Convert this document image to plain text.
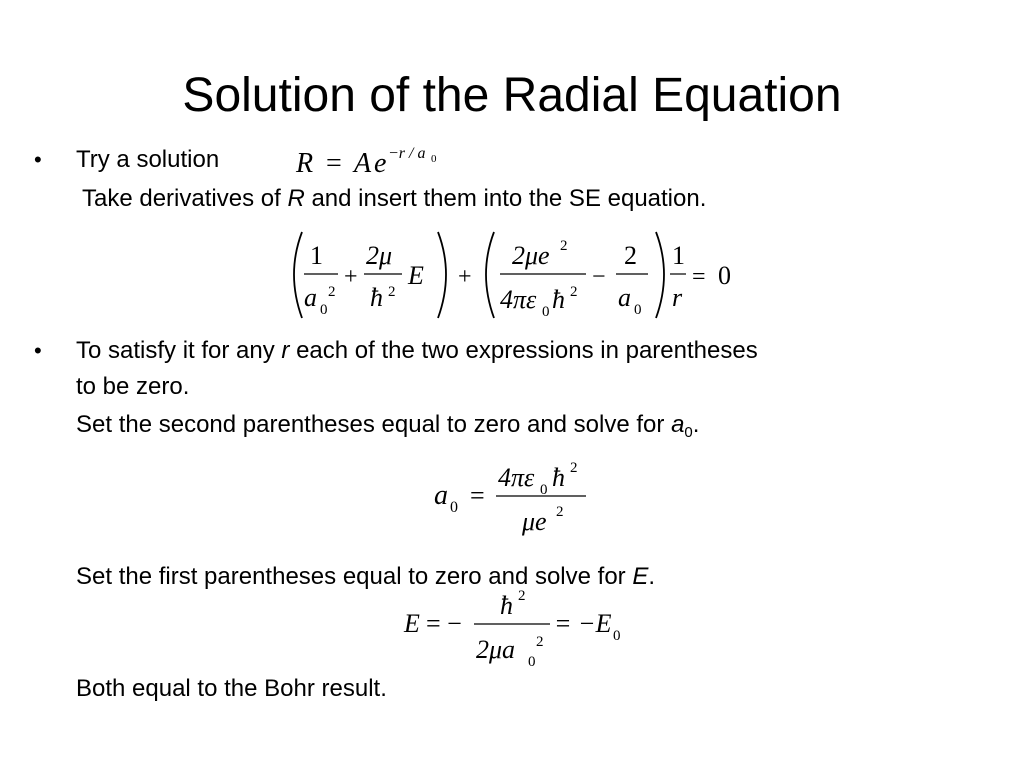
Solution of the Radial Equation
• Try a solution	R = A e −r / a 0
Take derivatives of R and insert them into the SE equation.
1
a 0
2
+
2μ
ħ 2
E +
2μe 2
4πε 0 ħ 2
−
2
a 0
1
r
= 0
• To satisfy it for any r each of the two expressions in parentheses
to be zero.
Set the second parentheses equal to zero and solve for $a_0$.
a 0 =
4πε 0 ħ 2
μe 2
Set the first parentheses equal to zero and solve for E.
E = −
ħ 2
2μa 0
2
= −E 0
Both equal to the Bohr result.
